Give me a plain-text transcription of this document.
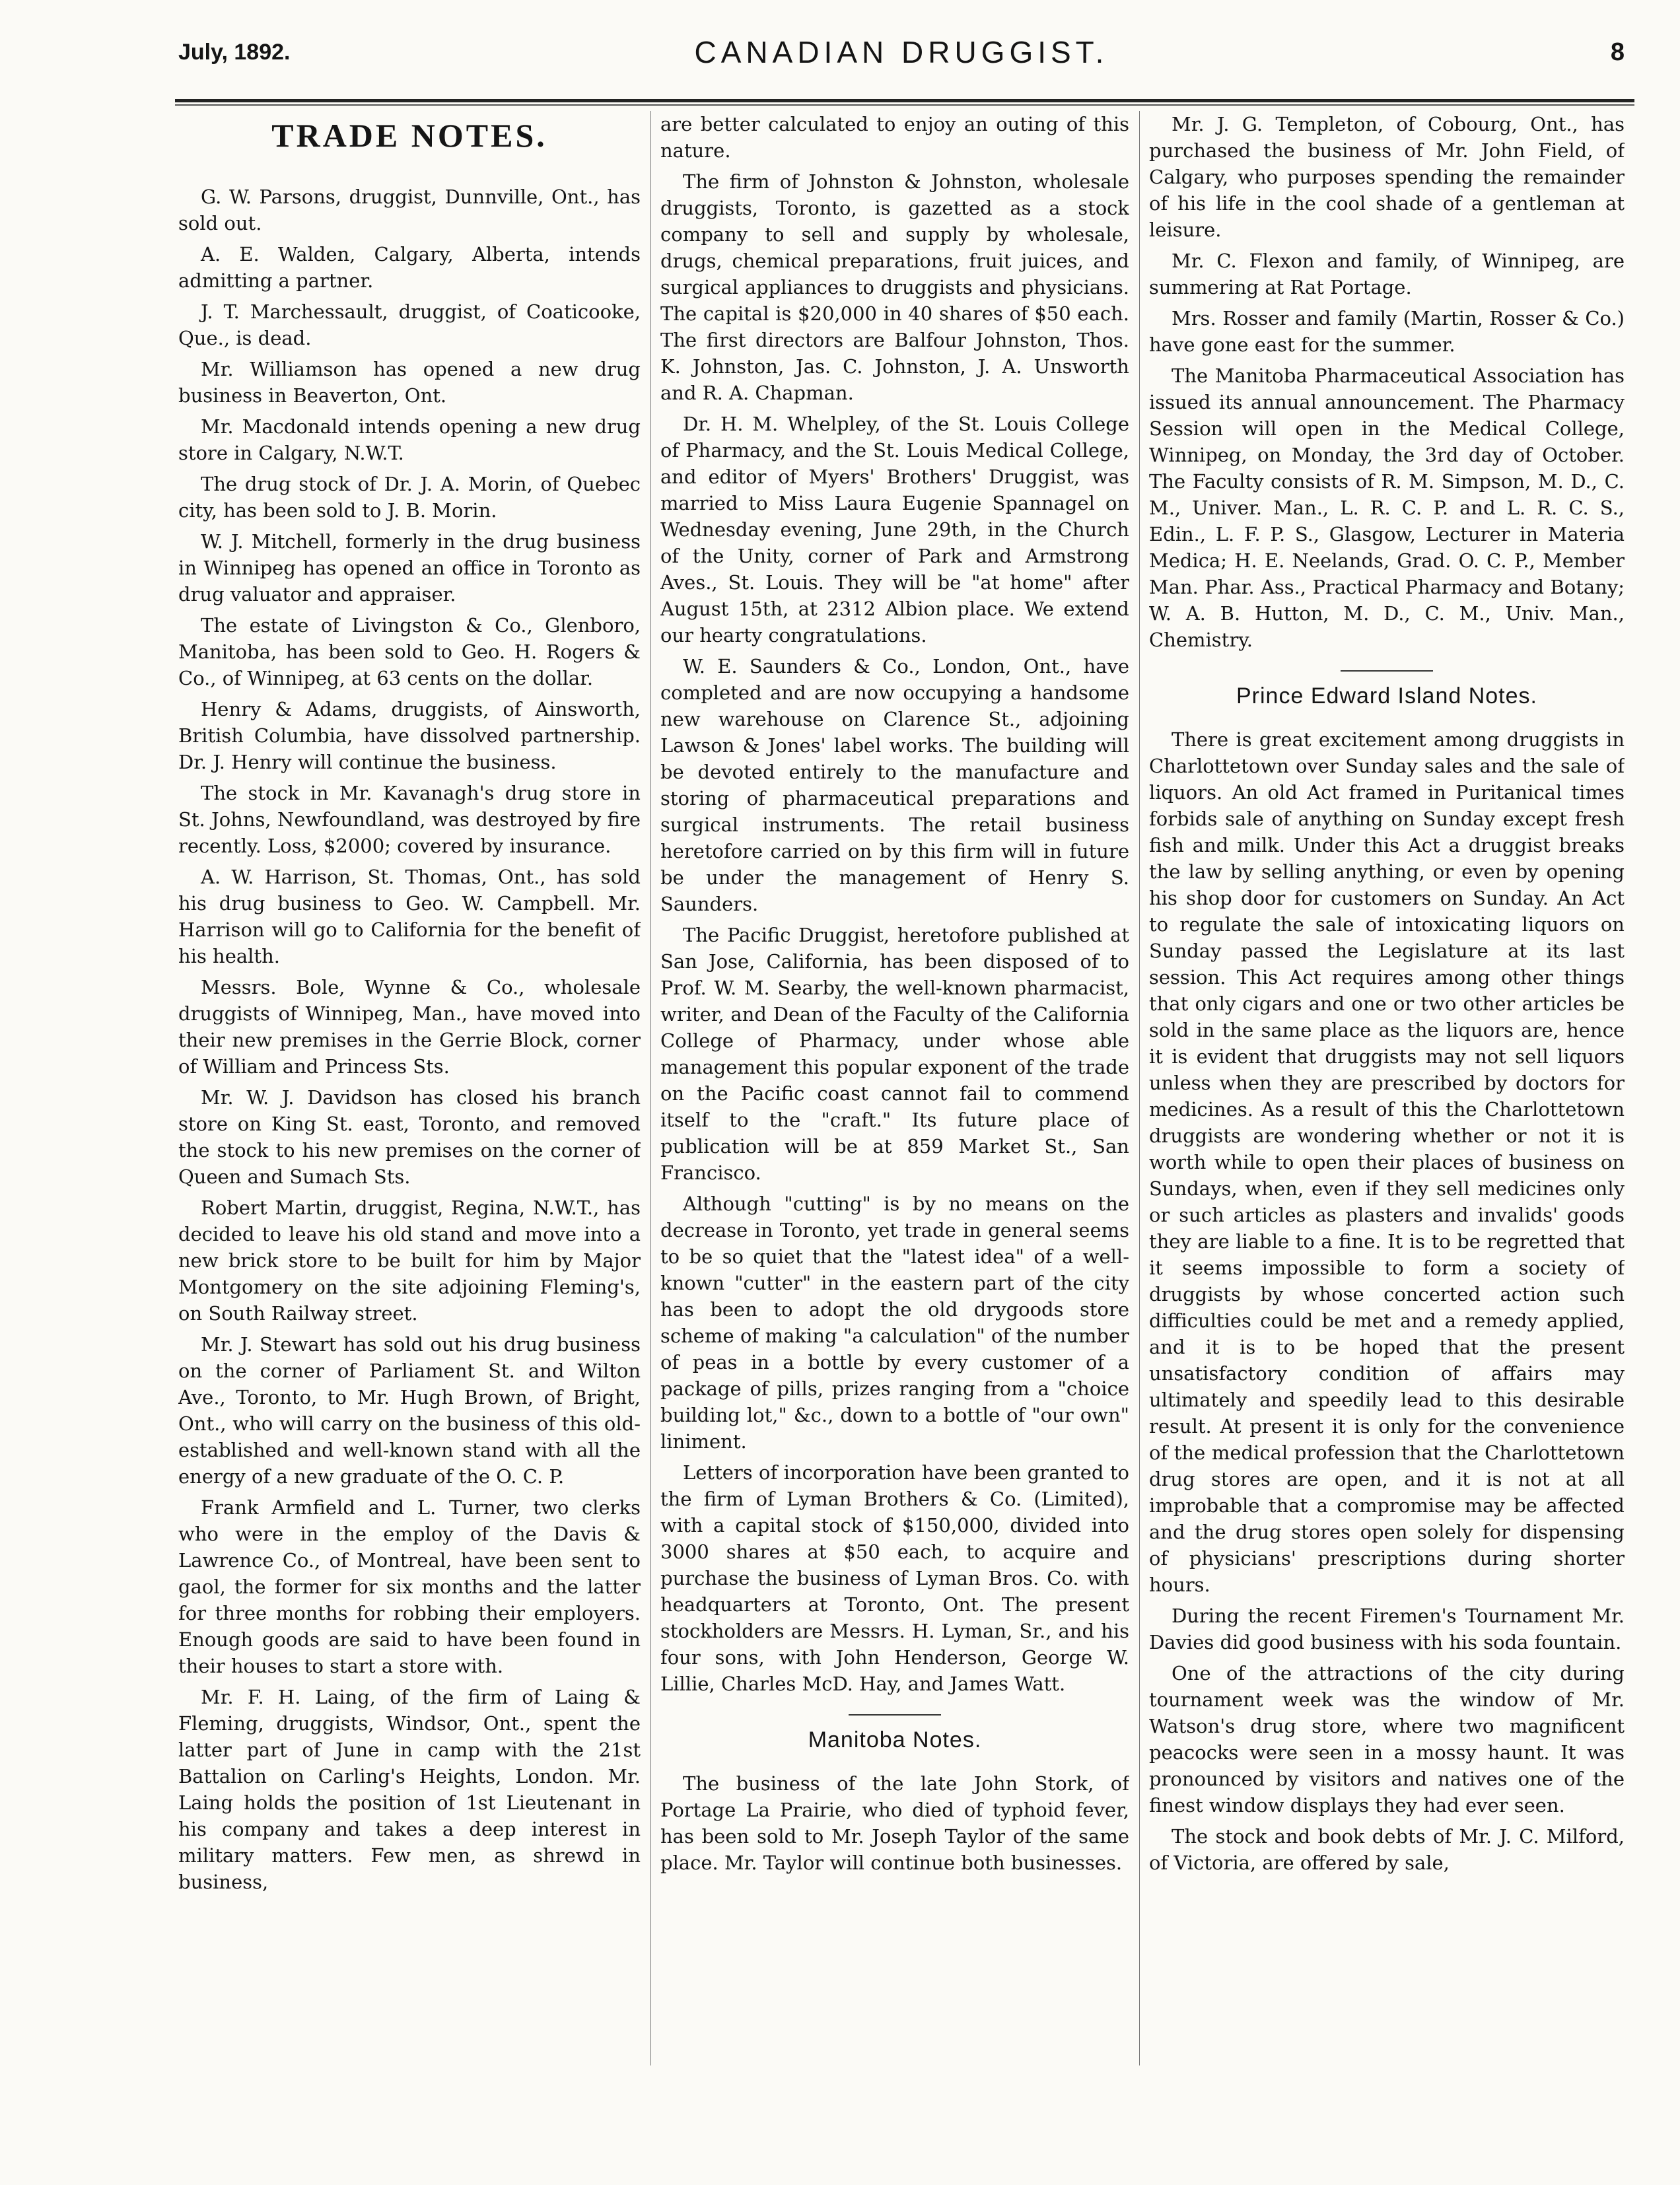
July, 1892.	CANADIAN DRUGGIST.	8
TRADE NOTES.

G. W. Parsons, druggist, Dunnville, Ont., has sold out.

A. E. Walden, Calgary, Alberta, intends admitting a partner.

J. T. Marchessault, druggist, of Coaticooke, Que., is dead.

Mr. Williamson has opened a new drug business in Beaverton, Ont.

Mr. Macdonald intends opening a new drug store in Calgary, N.W.T.

The drug stock of Dr. J. A. Morin, of Quebec city, has been sold to J. B. Morin.

W. J. Mitchell, formerly in the drug business in Winnipeg has opened an office in Toronto as drug valuator and appraiser.

The estate of Livingston & Co., Glenboro, Manitoba, has been sold to Geo. H. Rogers & Co., of Winnipeg, at 63 cents on the dollar.

Henry & Adams, druggists, of Ainsworth, British Columbia, have dissolved partnership. Dr. J. Henry will continue the business.

The stock in Mr. Kavanagh's drug store in St. Johns, Newfoundland, was destroyed by fire recently. Loss, $2000; covered by insurance.

A. W. Harrison, St. Thomas, Ont., has sold his drug business to Geo. W. Campbell. Mr. Harrison will go to California for the benefit of his health.

Messrs. Bole, Wynne & Co., wholesale druggists of Winnipeg, Man., have moved into their new premises in the Gerrie Block, corner of William and Princess Sts.

Mr. W. J. Davidson has closed his branch store on King St. east, Toronto, and removed the stock to his new premises on the corner of Queen and Sumach Sts.

Robert Martin, druggist, Regina, N.W.T., has decided to leave his old stand and move into a new brick store to be built for him by Major Montgomery on the site adjoining Fleming's, on South Railway street.

Mr. J. Stewart has sold out his drug business on the corner of Parliament St. and Wilton Ave., Toronto, to Mr. Hugh Brown, of Bright, Ont., who will carry on the business of this old-established and well-known stand with all the energy of a new graduate of the O. C. P.

Frank Armfield and L. Turner, two clerks who were in the employ of the Davis & Lawrence Co., of Montreal, have been sent to gaol, the former for six months and the latter for three months for robbing their employers. Enough goods are said to have been found in their houses to start a store with.

Mr. F. H. Laing, of the firm of Laing & Fleming, druggists, Windsor, Ont., spent the latter part of June in camp with the 21st Battalion on Carling's Heights, London. Mr. Laing holds the position of 1st Lieutenant in his company and takes a deep interest in military matters. Few men, as shrewd in business,

are better calculated to enjoy an outing of this nature.

The firm of Johnston & Johnston, wholesale druggists, Toronto, is gazetted as a stock company to sell and supply by wholesale, drugs, chemical preparations, fruit juices, and surgical appliances to druggists and physicians. The capital is $20,000 in 40 shares of $50 each. The first directors are Balfour Johnston, Thos. K. Johnston, Jas. C. Johnston, J. A. Unsworth and R. A. Chapman.

Dr. H. M. Whelpley, of the St. Louis College of Pharmacy, and the St. Louis Medical College, and editor of Myers' Brothers' Druggist, was married to Miss Laura Eugenie Spannagel on Wednesday evening, June 29th, in the Church of the Unity, corner of Park and Armstrong Aves., St. Louis. They will be "at home" after August 15th, at 2312 Albion place. We extend our hearty congratulations.

W. E. Saunders & Co., London, Ont., have completed and are now occupying a handsome new warehouse on Clarence St., adjoining Lawson & Jones' label works. The building will be devoted entirely to the manufacture and storing of pharmaceutical preparations and surgical instruments. The retail business heretofore carried on by this firm will in future be under the management of Henry S. Saunders.

The Pacific Druggist, heretofore published at San Jose, California, has been disposed of to Prof. W. M. Searby, the well-known pharmacist, writer, and Dean of the Faculty of the California College of Pharmacy, under whose able management this popular exponent of the trade on the Pacific coast cannot fail to commend itself to the "craft." Its future place of publication will be at 859 Market St., San Francisco.

Although "cutting" is by no means on the decrease in Toronto, yet trade in general seems to be so quiet that the "latest idea" of a well-known "cutter" in the eastern part of the city has been to adopt the old drygoods store scheme of making "a calculation" of the number of peas in a bottle by every customer of a package of pills, prizes ranging from a "choice building lot," &c., down to a bottle of "our own" liniment.

Letters of incorporation have been granted to the firm of Lyman Brothers & Co. (Limited), with a capital stock of $150,000, divided into 3000 shares at $50 each, to acquire and purchase the business of Lyman Bros. Co. with headquarters at Toronto, Ont. The present stockholders are Messrs. H. Lyman, Sr., and his four sons, with John Henderson, George W. Lillie, Charles McD. Hay, and James Watt.

Manitoba Notes.

The business of the late John Stork, of Portage La Prairie, who died of typhoid fever, has been sold to Mr. Joseph Taylor of the same place. Mr. Taylor will continue both businesses.

Mr. J. G. Templeton, of Cobourg, Ont., has purchased the business of Mr. John Field, of Calgary, who purposes spending the remainder of his life in the cool shade of a gentleman at leisure.

Mr. C. Flexon and family, of Winnipeg, are summering at Rat Portage.

Mrs. Rosser and family (Martin, Rosser & Co.) have gone east for the summer.

The Manitoba Pharmaceutical Association has issued its annual announcement. The Pharmacy Session will open in the Medical College, Winnipeg, on Monday, the 3rd day of October. The Faculty consists of R. M. Simpson, M. D., C. M., Univer. Man., L. R. C. P. and L. R. C. S., Edin., L. F. P. S., Glasgow, Lecturer in Materia Medica; H. E. Neelands, Grad. O. C. P., Member Man. Phar. Ass., Practical Pharmacy and Botany; W. A. B. Hutton, M. D., C. M., Univ. Man., Chemistry.

Prince Edward Island Notes.

There is great excitement among druggists in Charlottetown over Sunday sales and the sale of liquors. An old Act framed in Puritanical times forbids sale of anything on Sunday except fresh fish and milk. Under this Act a druggist breaks the law by selling anything, or even by opening his shop door for customers on Sunday. An Act to regulate the sale of intoxicating liquors on Sunday passed the Legislature at its last session. This Act requires among other things that only cigars and one or two other articles be sold in the same place as the liquors are, hence it is evident that druggists may not sell liquors unless when they are prescribed by doctors for medicines. As a result of this the Charlottetown druggists are wondering whether or not it is worth while to open their places of business on Sundays, when, even if they sell medicines only or such articles as plasters and invalids' goods they are liable to a fine. It is to be regretted that it seems impossible to form a society of druggists by whose concerted action such difficulties could be met and a remedy applied, and it is to be hoped that the present unsatisfactory condition of affairs may ultimately and speedily lead to this desirable result. At present it is only for the convenience of the medical profession that the Charlottetown drug stores are open, and it is not at all improbable that a compromise may be affected and the drug stores open solely for dispensing of physicians' prescriptions during shorter hours.

During the recent Firemen's Tournament Mr. Davies did good business with his soda fountain.

One of the attractions of the city during tournament week was the window of Mr. Watson's drug store, where two magnificent peacocks were seen in a mossy haunt. It was pronounced by visitors and natives one of the finest window displays they had ever seen.

The stock and book debts of Mr. J. C. Milford, of Victoria, are offered by sale,
